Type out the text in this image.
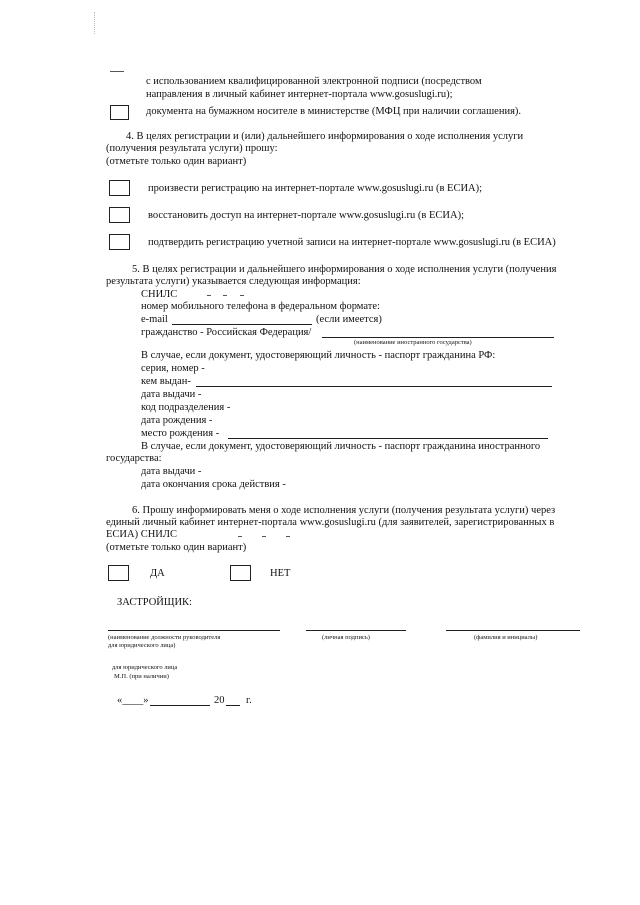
с использованием квалифицированной электронной подписи (посредством
направления в личный кабинет интернет-портала www.gosuslugi.ru);
документа на бумажном носителе в министерстве (МФЦ при наличии соглашения).
4. В целях регистрации и (или) дальнейшего информирования о ходе исполнения услуги
(получения результата услуги) прошу:
(отметьте только один вариант)
произвести регистрацию на интернет-портале www.gosuslugi.ru (в ЕСИА);
восстановить доступ на интернет-портале www.gosuslugi.ru (в ЕСИА);
подтвердить регистрацию учетной записи на интернет-портале www.gosuslugi.ru (в ЕСИА)
5. В целях регистрации и дальнейшего информирования о ходе исполнения услуги (получения
результата услуги) указывается следующая информация:
СНИЛС
номер мобильного телефона в федеральном формате:
e-mail	(если имеется)
гражданство - Российская Федерация/
(наименование иностранного государства)
В случае, если документ, удостоверяющий личность - паспорт гражданина РФ:
серия, номер -
кем выдан-
дата выдачи -
код подразделения -
дата рождения -
место рождения -
В случае, если документ, удостоверяющий личность - паспорт гражданина иностранного
государства:
дата выдачи -
дата окончания срока действия -
6. Прошу информировать меня о ходе исполнения услуги (получения результата услуги) через
единый личный кабинет интернет-портала www.gosuslugi.ru (для заявителей, зарегистрированных в
ЕСИА) СНИЛС
(отметьте только один вариант)
ДА	НЕТ
ЗАСТРОЙЩИК:
(наименование должности руководителя
для юридического лица)
(личная подпись)	(фамилия и инициалы)
для юридического лица
М.П. (при наличии)
«____»	20 г.
